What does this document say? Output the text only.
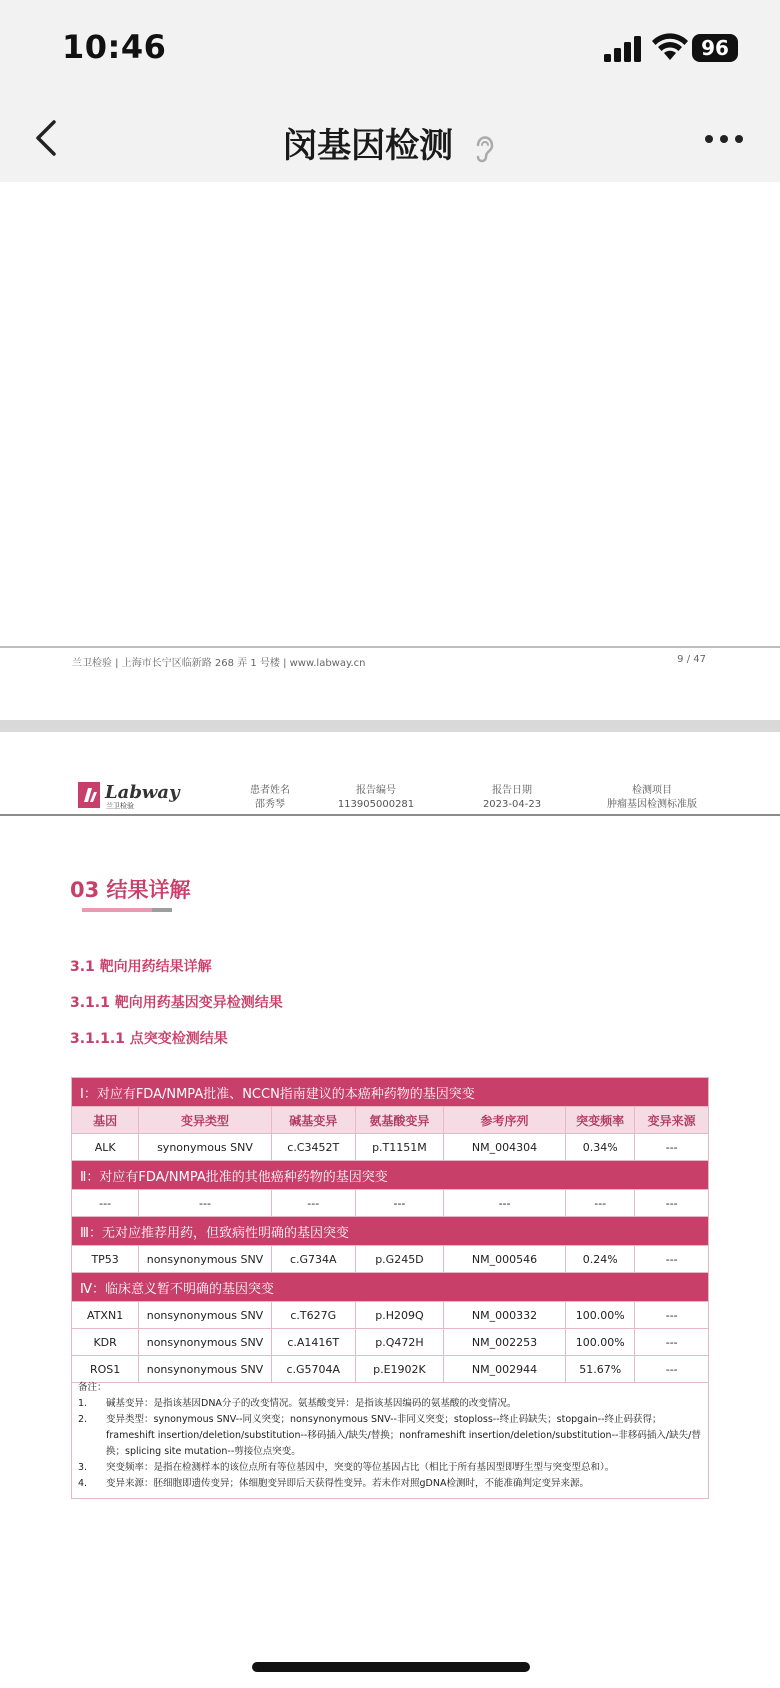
10:46	96
闵基因检测
兰卫检验 | 上海市长宁区临新路 268 弄 1 号楼 | www.labway.cn	9 / 47
Labway
兰卫检验
患者姓名
邵秀琴
报告编号
113905000281
报告日期
2023-04-23
检测项目
肿瘤基因检测标准版
03 结果详解
3.1 靶向用药结果详解
3.1.1 靶向用药基因变异检测结果
3.1.1.1 点突变检测结果
Ⅰ：对应有FDA/NMPA批准、NCCN指南建议的本癌种药物的基因突变						
基因	变异类型	碱基变异	氨基酸变异	参考序列	突变频率	变异来源
ALK	synonymous SNV	c.C3452T	p.T1151M	NM_004304	0.34%	---
Ⅱ：对应有FDA/NMPA批准的其他癌种药物的基因突变						
---	---	---	---	---	---	---
Ⅲ：无对应推荐用药，但致病性明确的基因突变						
TP53	nonsynonymous SNV	c.G734A	p.G245D	NM_000546	0.24%	---
Ⅳ：临床意义暂不明确的基因突变						
ATXN1	nonsynonymous SNV	c.T627G	p.H209Q	NM_000332	100.00%	---
KDR	nonsynonymous SNV	c.A1416T	p.Q472H	NM_002253	100.00%	---
ROS1	nonsynonymous SNV	c.G5704A	p.E1902K	NM_002944	51.67%	---
备注：
1.	碱基变异：是指该基因DNA分子的改变情况。氨基酸变异：是指该基因编码的氨基酸的改变情况。
2.	变异类型：synonymous SNV--同义突变；nonsynonymous SNV--非同义突变；stoploss--终止码缺失；stopgain--终止码获得；frameshift insertion/deletion/substitution--移码插入/缺失/替换；nonframeshift insertion/deletion/substitution--非移码插入/缺失/替换；splicing site mutation--剪接位点突变。
3.	突变频率：是指在检测样本的该位点所有等位基因中，突变的等位基因占比（相比于所有基因型即野生型与突变型总和）。
4.	变异来源：胚细胞即遗传变异；体细胞变异即后天获得性变异。若未作对照gDNA检测时，不能准确判定变异来源。
